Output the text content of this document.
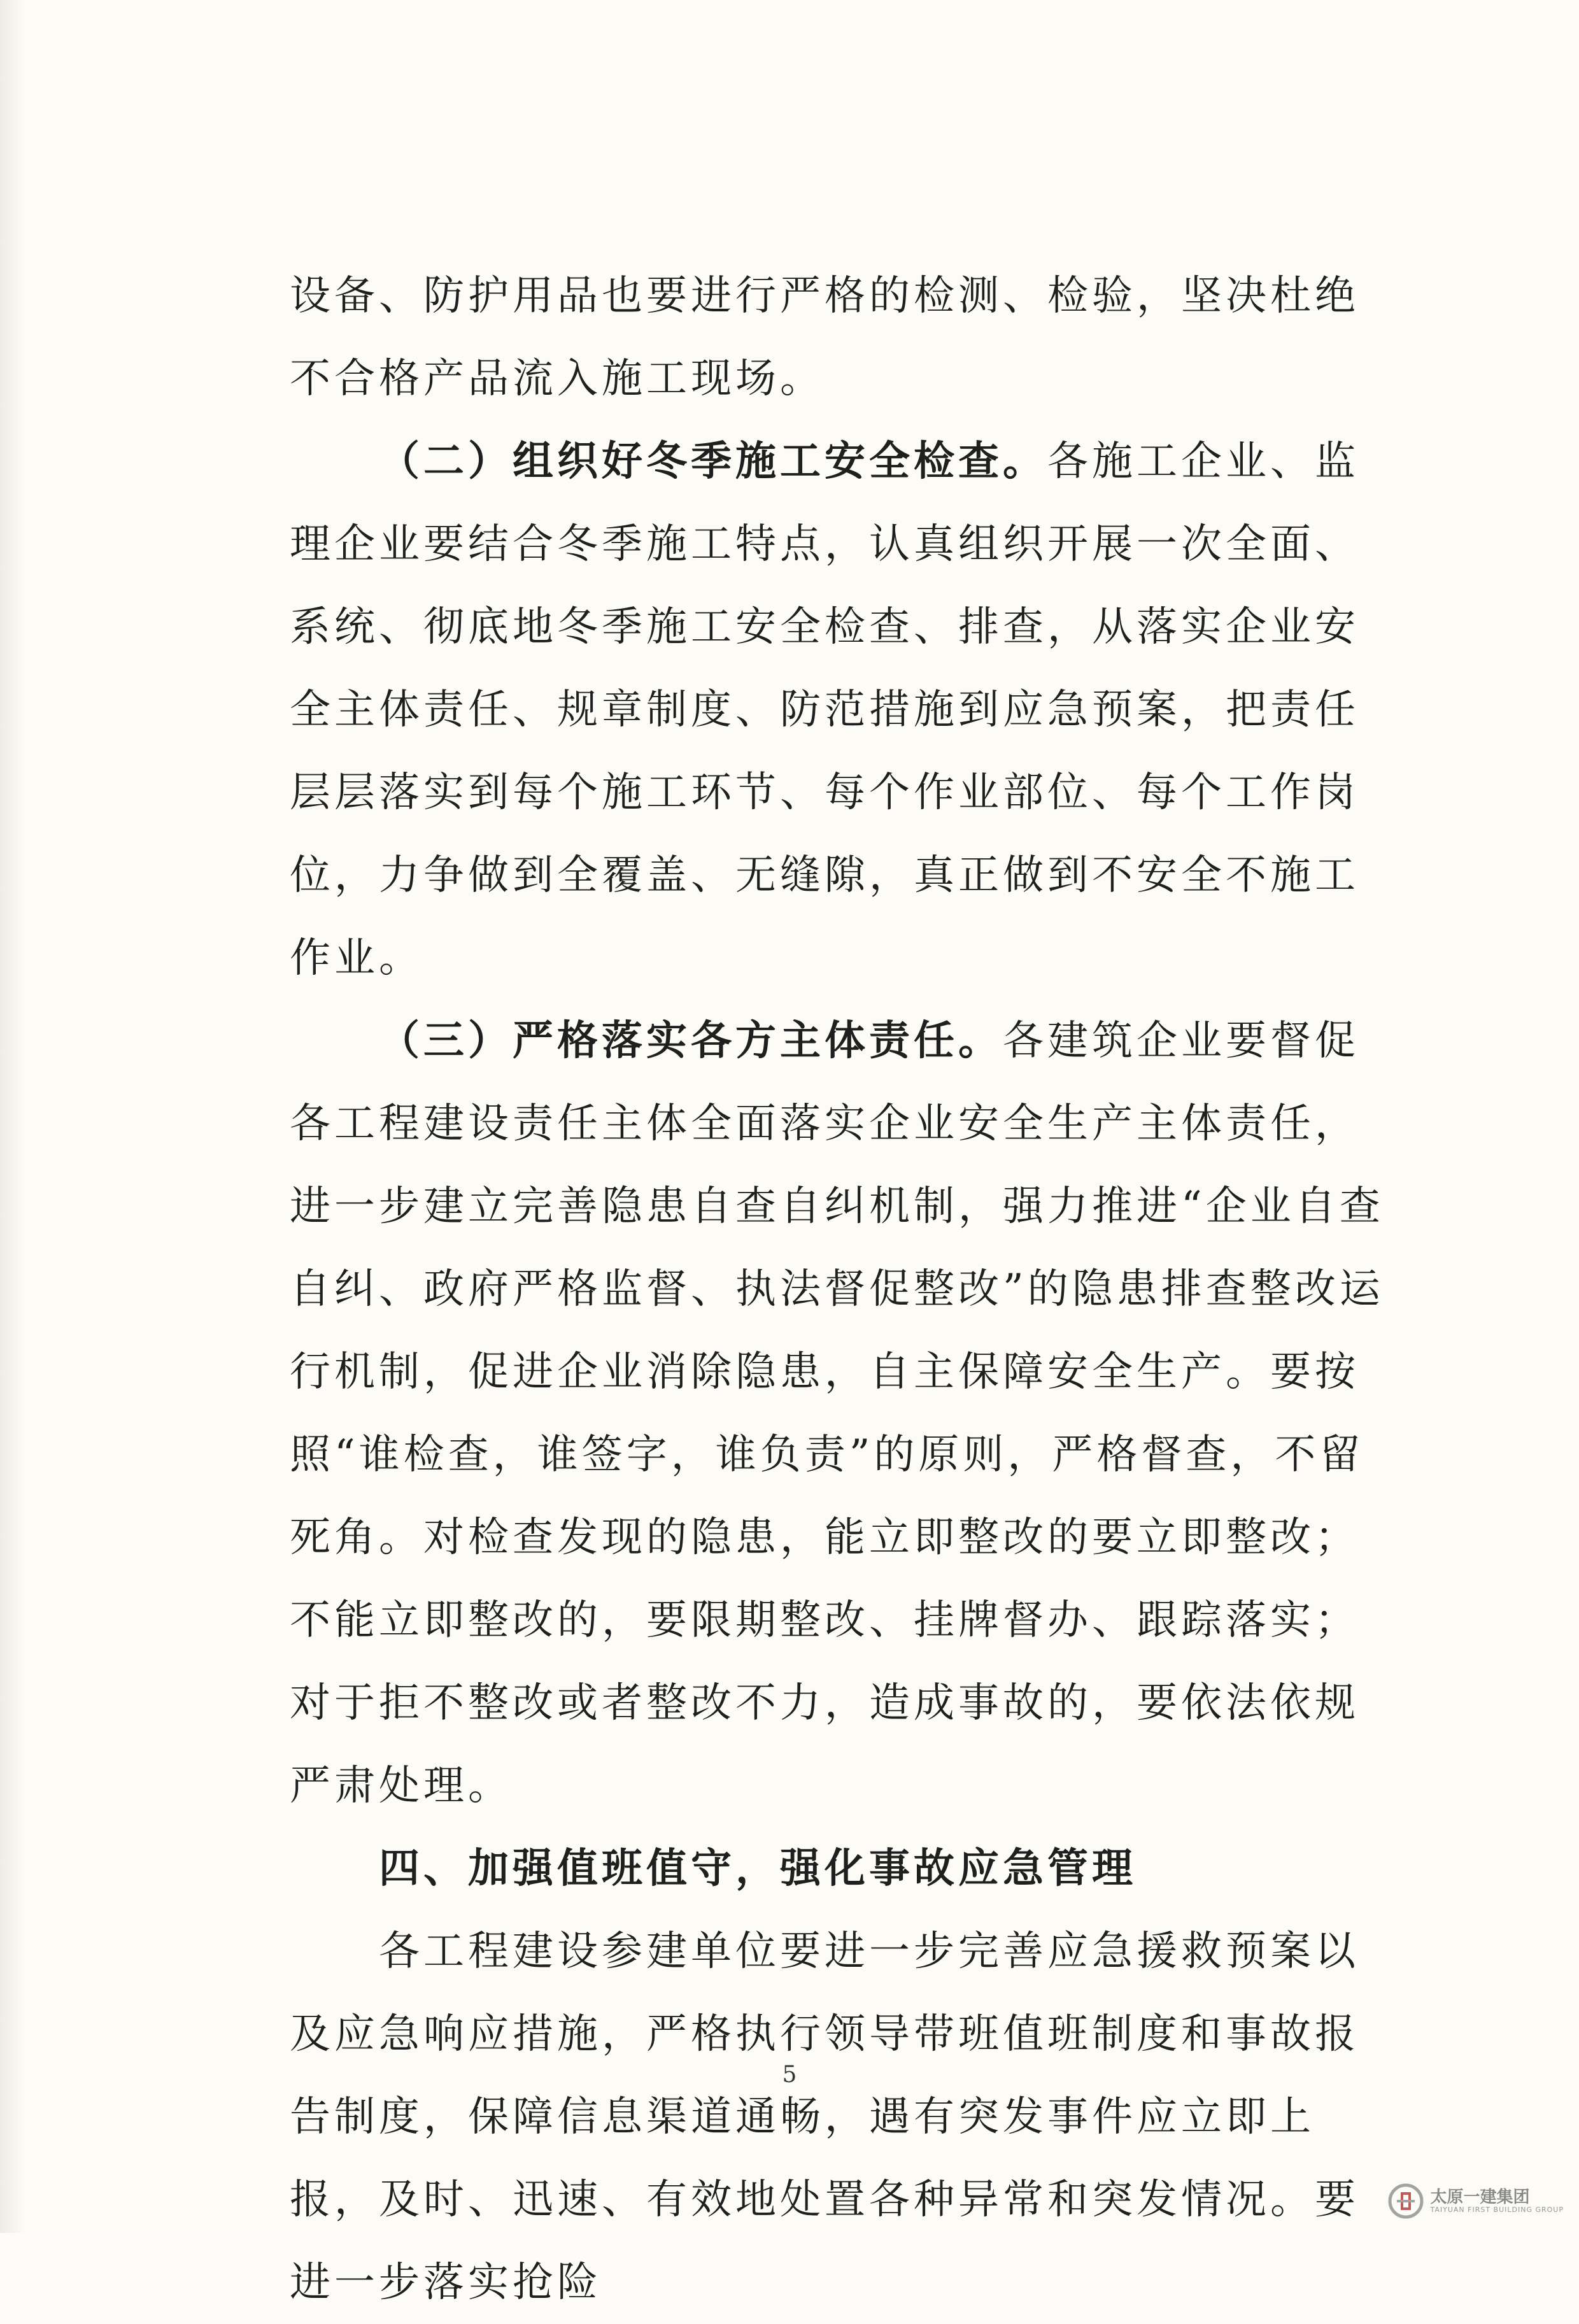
设备、防护用品也要进行严格的检测、检验，坚决杜绝不合格产品流入施工现场。

（二）组织好冬季施工安全检查。各施工企业、监理企业要结合冬季施工特点，认真组织开展一次全面、系统、彻底地冬季施工安全检查、排查，从落实企业安全主体责任、规章制度、防范措施到应急预案，把责任层层落实到每个施工环节、每个作业部位、每个工作岗位，力争做到全覆盖、无缝隙，真正做到不安全不施工作业。

（三）严格落实各方主体责任。各建筑企业要督促各工程建设责任主体全面落实企业安全生产主体责任，进一步建立完善隐患自查自纠机制，强力推进“企业自查自纠、政府严格监督、执法督促整改”的隐患排查整改运行机制，促进企业消除隐患，自主保障安全生产。要按照“谁检查，谁签字，谁负责”的原则，严格督查，不留死角。对检查发现的隐患，能立即整改的要立即整改；不能立即整改的，要限期整改、挂牌督办、跟踪落实；对于拒不整改或者整改不力，造成事故的，要依法依规严肃处理。

四、加强值班值守，强化事故应急管理

各工程建设参建单位要进一步完善应急援救预案以及应急响应措施，严格执行领导带班值班制度和事故报告制度，保障信息渠道通畅，遇有突发事件应立即上报，及时、迅速、有效地处置各种异常和突发情况。要进一步落实抢险

5
太原一建集团
TAIYUAN FIRST BUILDING GROUP
